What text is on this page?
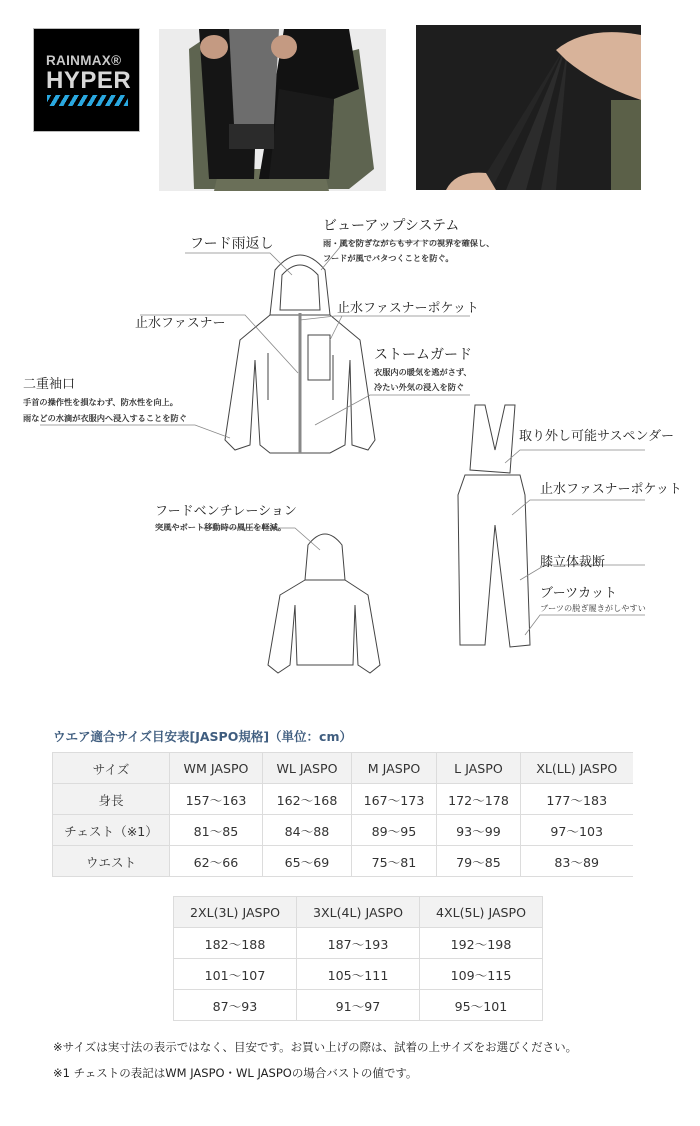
RAINMAX®
HYPER
フード雨返し
ビューアップシステム
雨・風を防ぎながらもサイドの視界を確保し、
フードが風でバタつくことを防ぐ。
止水ファスナーポケット
止水ファスナー
ストームガード
衣服内の暖気を逃がさず、
冷たい外気の浸入を防ぐ
二重袖口
手首の操作性を損なわず、防水性を向上。
雨などの水滴が衣服内へ浸入することを防ぐ
取り外し可能サスペンダー
止水ファスナーポケット
膝立体裁断
ブーツカット
ブーツの脱ぎ履きがしやすい
フードベンチレーション
突風やボート移動時の風圧を軽減。
ウエア適合サイズ目安表[JASPO規格]（単位：cm）
サイズ	WM JASPO	WL JASPO	M JASPO	L JASPO	XL(LL) JASPO
身長	157〜163	162〜168	167〜173	172〜178	177〜183
チェスト（※1）	81〜85	84〜88	89〜95	93〜99	97〜103
ウエスト	62〜66	65〜69	75〜81	79〜85	83〜89
2XL(3L) JASPO	3XL(4L) JASPO	4XL(5L) JASPO
182〜188	187〜193	192〜198
101〜107	105〜111	109〜115
87〜93	91〜97	95〜101
※サイズは実寸法の表示ではなく、目安です。お買い上げの際は、試着の上サイズをお選びください。
※1 チェストの表記はWM JASPO・WL JASPOの場合バストの値です。
